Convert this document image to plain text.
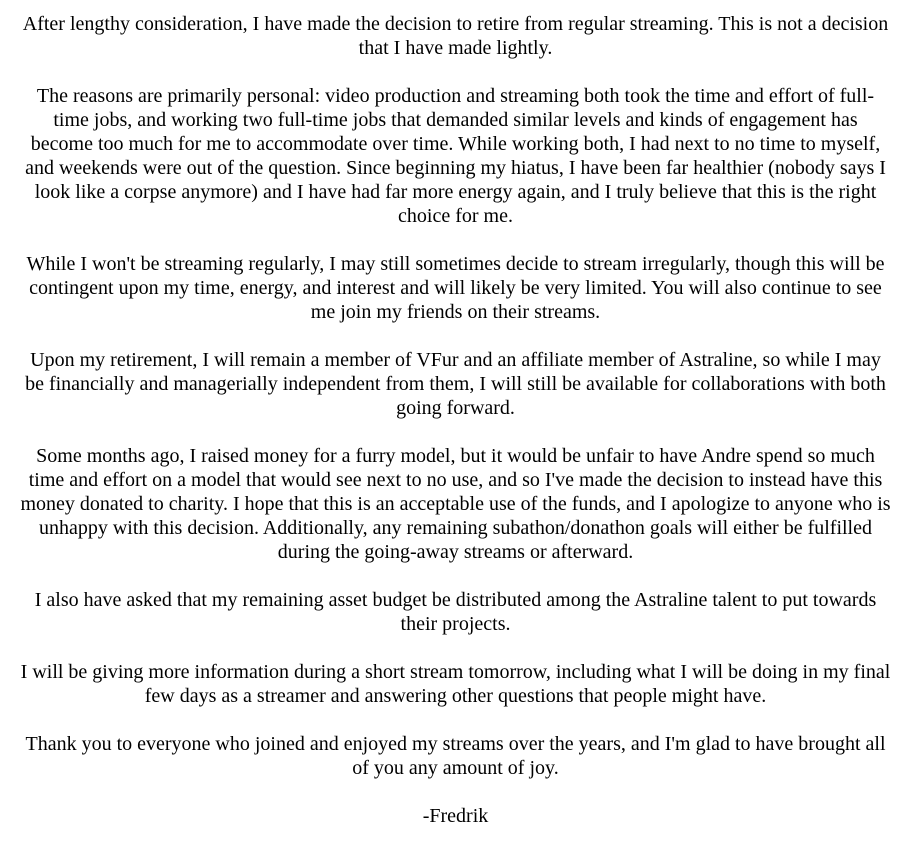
After lengthy consideration, I have made the decision to retire from regular streaming. This is not a decision that I have made lightly.

The reasons are primarily personal: video production and streaming both took the time and effort of full-time jobs, and working two full-time jobs that demanded similar levels and kinds of engagement has become too much for me to accommodate over time. While working both, I had next to no time to myself, and weekends were out of the question. Since beginning my hiatus, I have been far healthier (nobody says I look like a corpse anymore) and I have had far more energy again, and I truly believe that this is the right choice for me.

While I won't be streaming regularly, I may still sometimes decide to stream irregularly, though this will be contingent upon my time, energy, and interest and will likely be very limited. You will also continue to see me join my friends on their streams.

Upon my retirement, I will remain a member of VFur and an affiliate member of Astraline, so while I may be financially and managerially independent from them, I will still be available for collaborations with both going forward.

Some months ago, I raised money for a furry model, but it would be unfair to have Andre spend so much time and effort on a model that would see next to no use, and so I've made the decision to instead have this money donated to charity. I hope that this is an acceptable use of the funds, and I apologize to anyone who is unhappy with this decision. Additionally, any remaining subathon/donathon goals will either be fulfilled during the going-away streams or afterward.

I also have asked that my remaining asset budget be distributed among the Astraline talent to put towards their projects.

I will be giving more information during a short stream tomorrow, including what I will be doing in my final few days as a streamer and answering other questions that people might have.

Thank you to everyone who joined and enjoyed my streams over the years, and I'm glad to have brought all of you any amount of joy.

-Fredrik
